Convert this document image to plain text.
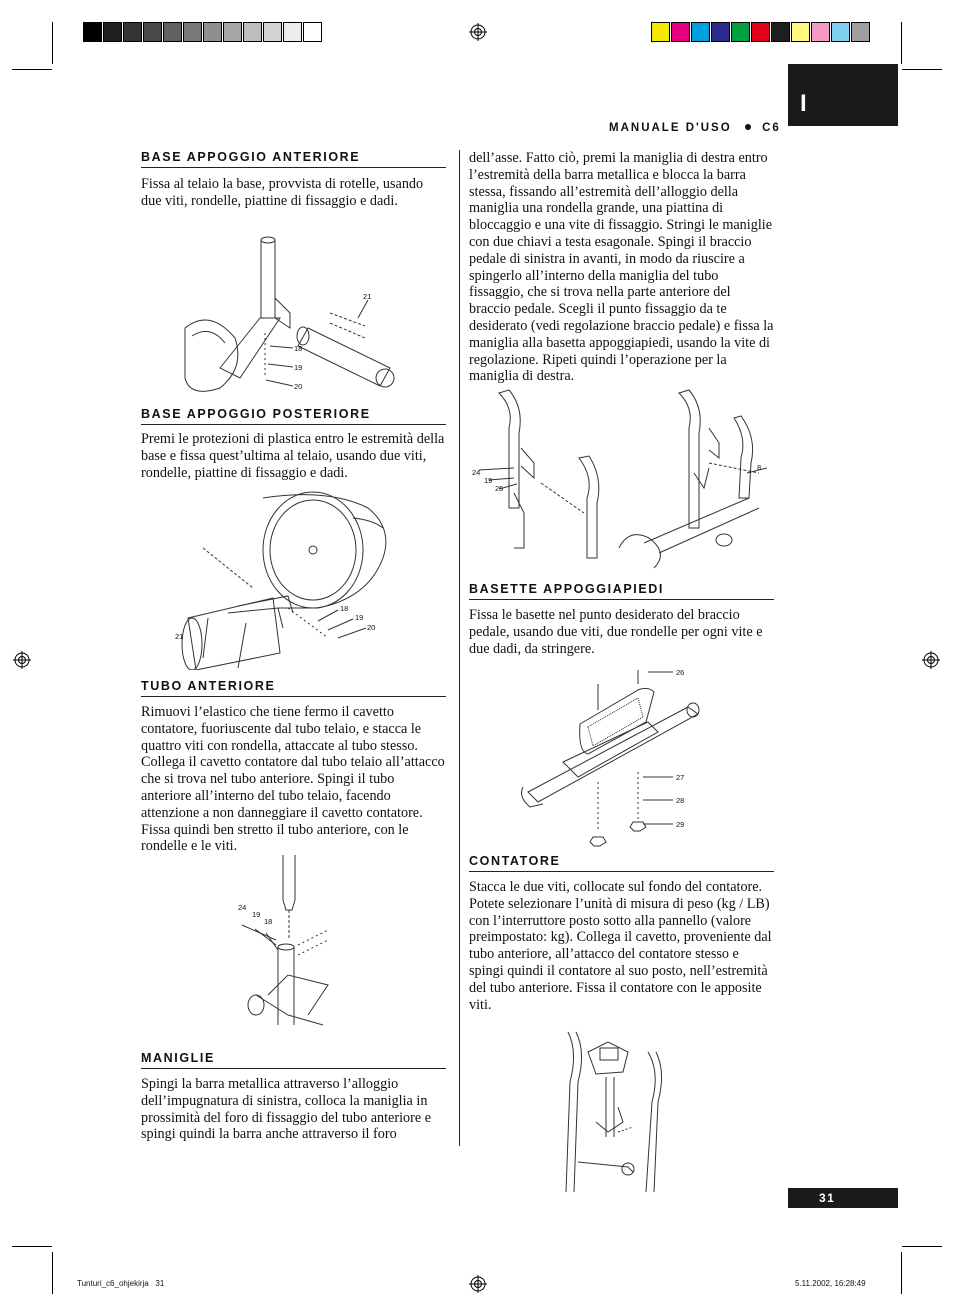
I
MANUALE D'USO	C6
BASE APPOGGIO ANTERIORE

Fissa al telaio la base, provvista di rotelle, usando due viti, rondelle, piattine di fissaggio e dadi.

21
18
19
20
BASE APPOGGIO POSTERIORE

Premi le protezioni di plastica entro le estremità della base e fissa quest’ultima al telaio, usando due viti, rondelle, piattine di fissaggio e dadi.

21
18
19
20
TUBO ANTERIORE

Rimuovi l’elastico che tiene fermo il cavetto contatore, fuoriuscente dal tubo telaio, e stacca le quattro viti con rondella, attaccate al tubo stesso. Collega il cavetto contatore dal tubo telaio all’attacco che si trova nel tubo anteriore. Spingi il tubo anteriore all’interno del tubo telaio, facendo attenzione a non danneggiare il cavetto contatore. Fissa quindi ben stretto il tubo anteriore, con le rondelle e le viti.

24
19
18
MANIGLIE

Spingi la barra metallica attraverso l’alloggio dell’impugnatura di sinistra, colloca la maniglia in prossimità del foro di fissaggio del tubo anteriore e spingi quindi la barra anche attraverso il foro

dell’asse. Fatto ciò, premi la maniglia di destra entro l’estremità della barra metallica e blocca la barra stessa, fissando all’estremità dell’alloggio della maniglia una rondella grande, una piattina di bloccaggio e una vite di fissaggio. Stringi le maniglie con due chiavi a testa esagonale. Spingi il braccio pedale di sinistra in avanti, in modo da riuscire a spingerlo all’interno della maniglia del tubo fissaggio, che si trova nella parte anteriore del braccio pedale. Scegli il punto fissaggio da te desiderato (vedi regolazione braccio pedale) e fissa la maniglia alla basetta appoggiapiedi, usando la vite di regolazione. Ripeti quindi l’operazione per la maniglia di destra.

24
19
25
8
BASETTE APPOGGIAPIEDI

Fissa le basette nel punto desiderato del braccio pedale, usando due viti, due rondelle per ogni vite e due dadi, da stringere.

26
27
28
29
CONTATORE

Stacca le due viti, collocate sul fondo del contatore. Potete selezionare l’unità di misura di peso (kg / LB) con l’interruttore posto sotto alla pannello (valore preimpostato: kg). Collega il cavetto, proveniente dal tubo anteriore, all’attacco del contatore stesso e spingi quindi il contatore al suo posto, nell’estremità del tubo anteriore. Fissa il contatore con le apposite viti.

31
Tunturi_c6_ohjekirja   31	5.11.2002, 16:28:49
